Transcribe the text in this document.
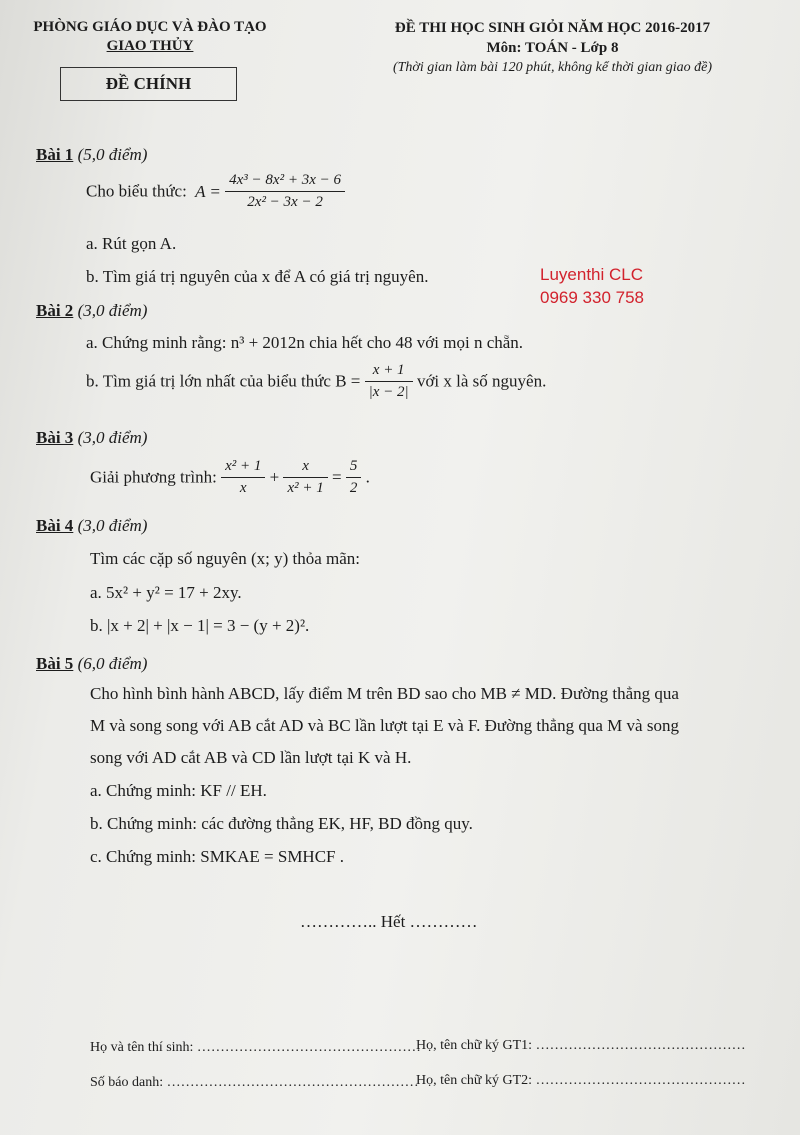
PHÒNG GIÁO DỤC VÀ ĐÀO TẠO
GIAO THỦY
ĐỀ THI HỌC SINH GIỎI NĂM HỌC 2016-2017
Môn: TOÁN - Lớp 8
(Thời gian làm bài 120 phút, không kể thời gian giao đề)
ĐỀ CHÍNH
Bài 1 (5,0 điểm)
Cho biểu thức: $A = \frac{\text{4x³ − 8x² + 3x − 6}}{\text{2x² − 3x − 2}}$
a. Rút gọn A.
b. Tìm giá trị nguyên của x để A có giá trị nguyên.	Luyenthi CLC
0969 330 758
Bài 2 (3,0 điểm)
a. Chứng minh rằng: n³ + 2012n chia hết cho 48 với mọi n chẵn.
b. Tìm giá trị lớn nhất của biểu thức $B = \frac{x + 1}{|x - 2|}$ với x là số nguyên.
Bài 3 (3,0 điểm)
Giải phương trình: $\frac{\text{x² + 1}}{x} + \frac{x}{\text{x² + 1}} = \frac{5}{2}$ .
Bài 4 (3,0 điểm)
Tìm các cặp số nguyên (x; y) thỏa mãn:
a. 5x² + y² = 17 + 2xy.
b. |x + 2| + |x − 1| = 3 − (y + 2)².
Bài 5 (6,0 điểm)
Cho hình bình hành ABCD, lấy điểm M trên BD sao cho MB ≠ MD. Đường thẳng qua
M và song song với AB cắt AD và BC lần lượt tại E và F. Đường thẳng qua M và song
song với AD cắt AB và CD lần lượt tại K và H.
a. Chứng minh: KF // EH.
b. Chứng minh: các đường thẳng EK, HF, BD đồng quy.
c. Chứng minh: SMKAE = SMHCF .
………….. Hết …………
Họ và tên thí sinh: …………………………………………
Họ, tên chữ ký GT1: ………………………………………
Số báo danh: ………………………………………………
Họ, tên chữ ký GT2: ………………………………………
